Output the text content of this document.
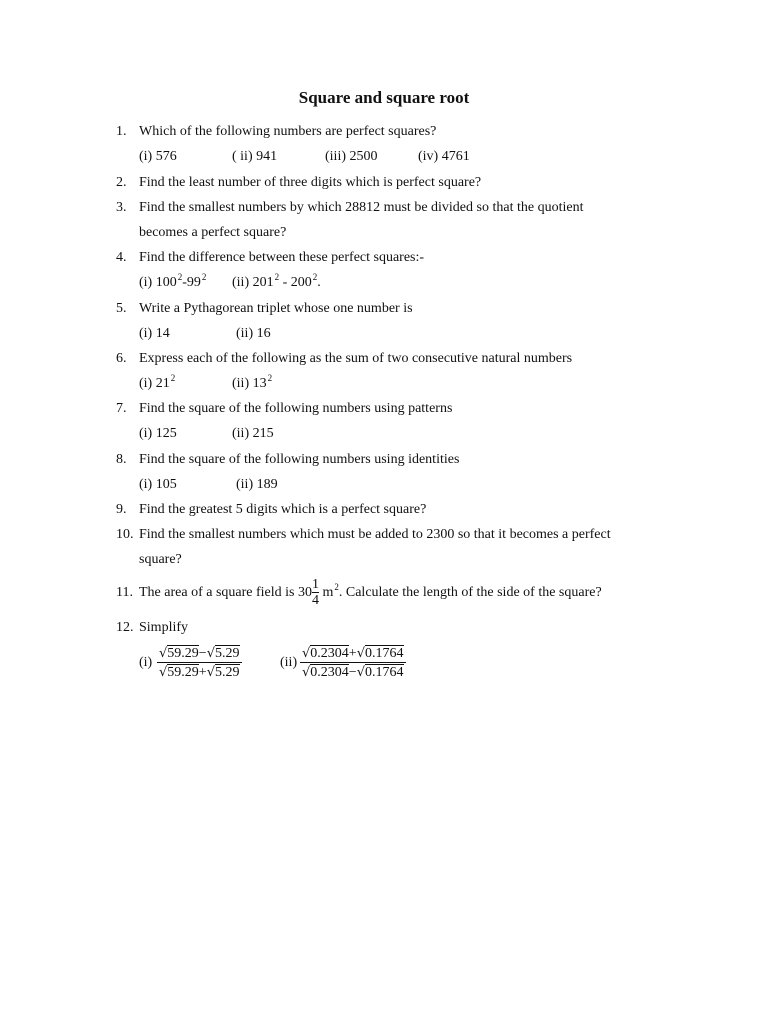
Square and square root
1. Which of the following numbers are perfect squares?
(i) 576	( ii) 941	(iii) 2500	(iv) 4761
2. Find the least number of three digits which is perfect square?
3. Find the smallest numbers by which 28812 must be divided so that the quotient
becomes a perfect square?
4. Find the difference between these perfect squares:-
(i) $100^2-99^2$ (ii) $201^2 - 200^2$.
5. Write a Pythagorean triplet whose one number is
(i) 14	(ii) 16
6. Express each of the following as the sum of two consecutive natural numbers
(i) $21^2$	(ii) $13^2$
7. Find the square of the following numbers using patterns
(i) 125	(ii) 215
8. Find the square of the following numbers using identities
(i) 105	(ii) 189
9. Find the greatest 5 digits which is a perfect square?
10. Find the smallest numbers which must be added to 2300 so that it becomes a perfect
square?
11. The area of a square field is $30 \frac{1}{4} m^2$. Calculate the length of the side of the square?
12. Simplify
$(i) \frac{√59.29-√5.29}{√59.29+√5.29}$	$(ii) \frac{√0.2304+√0.1764}{√0.2304-√0.1764}$
